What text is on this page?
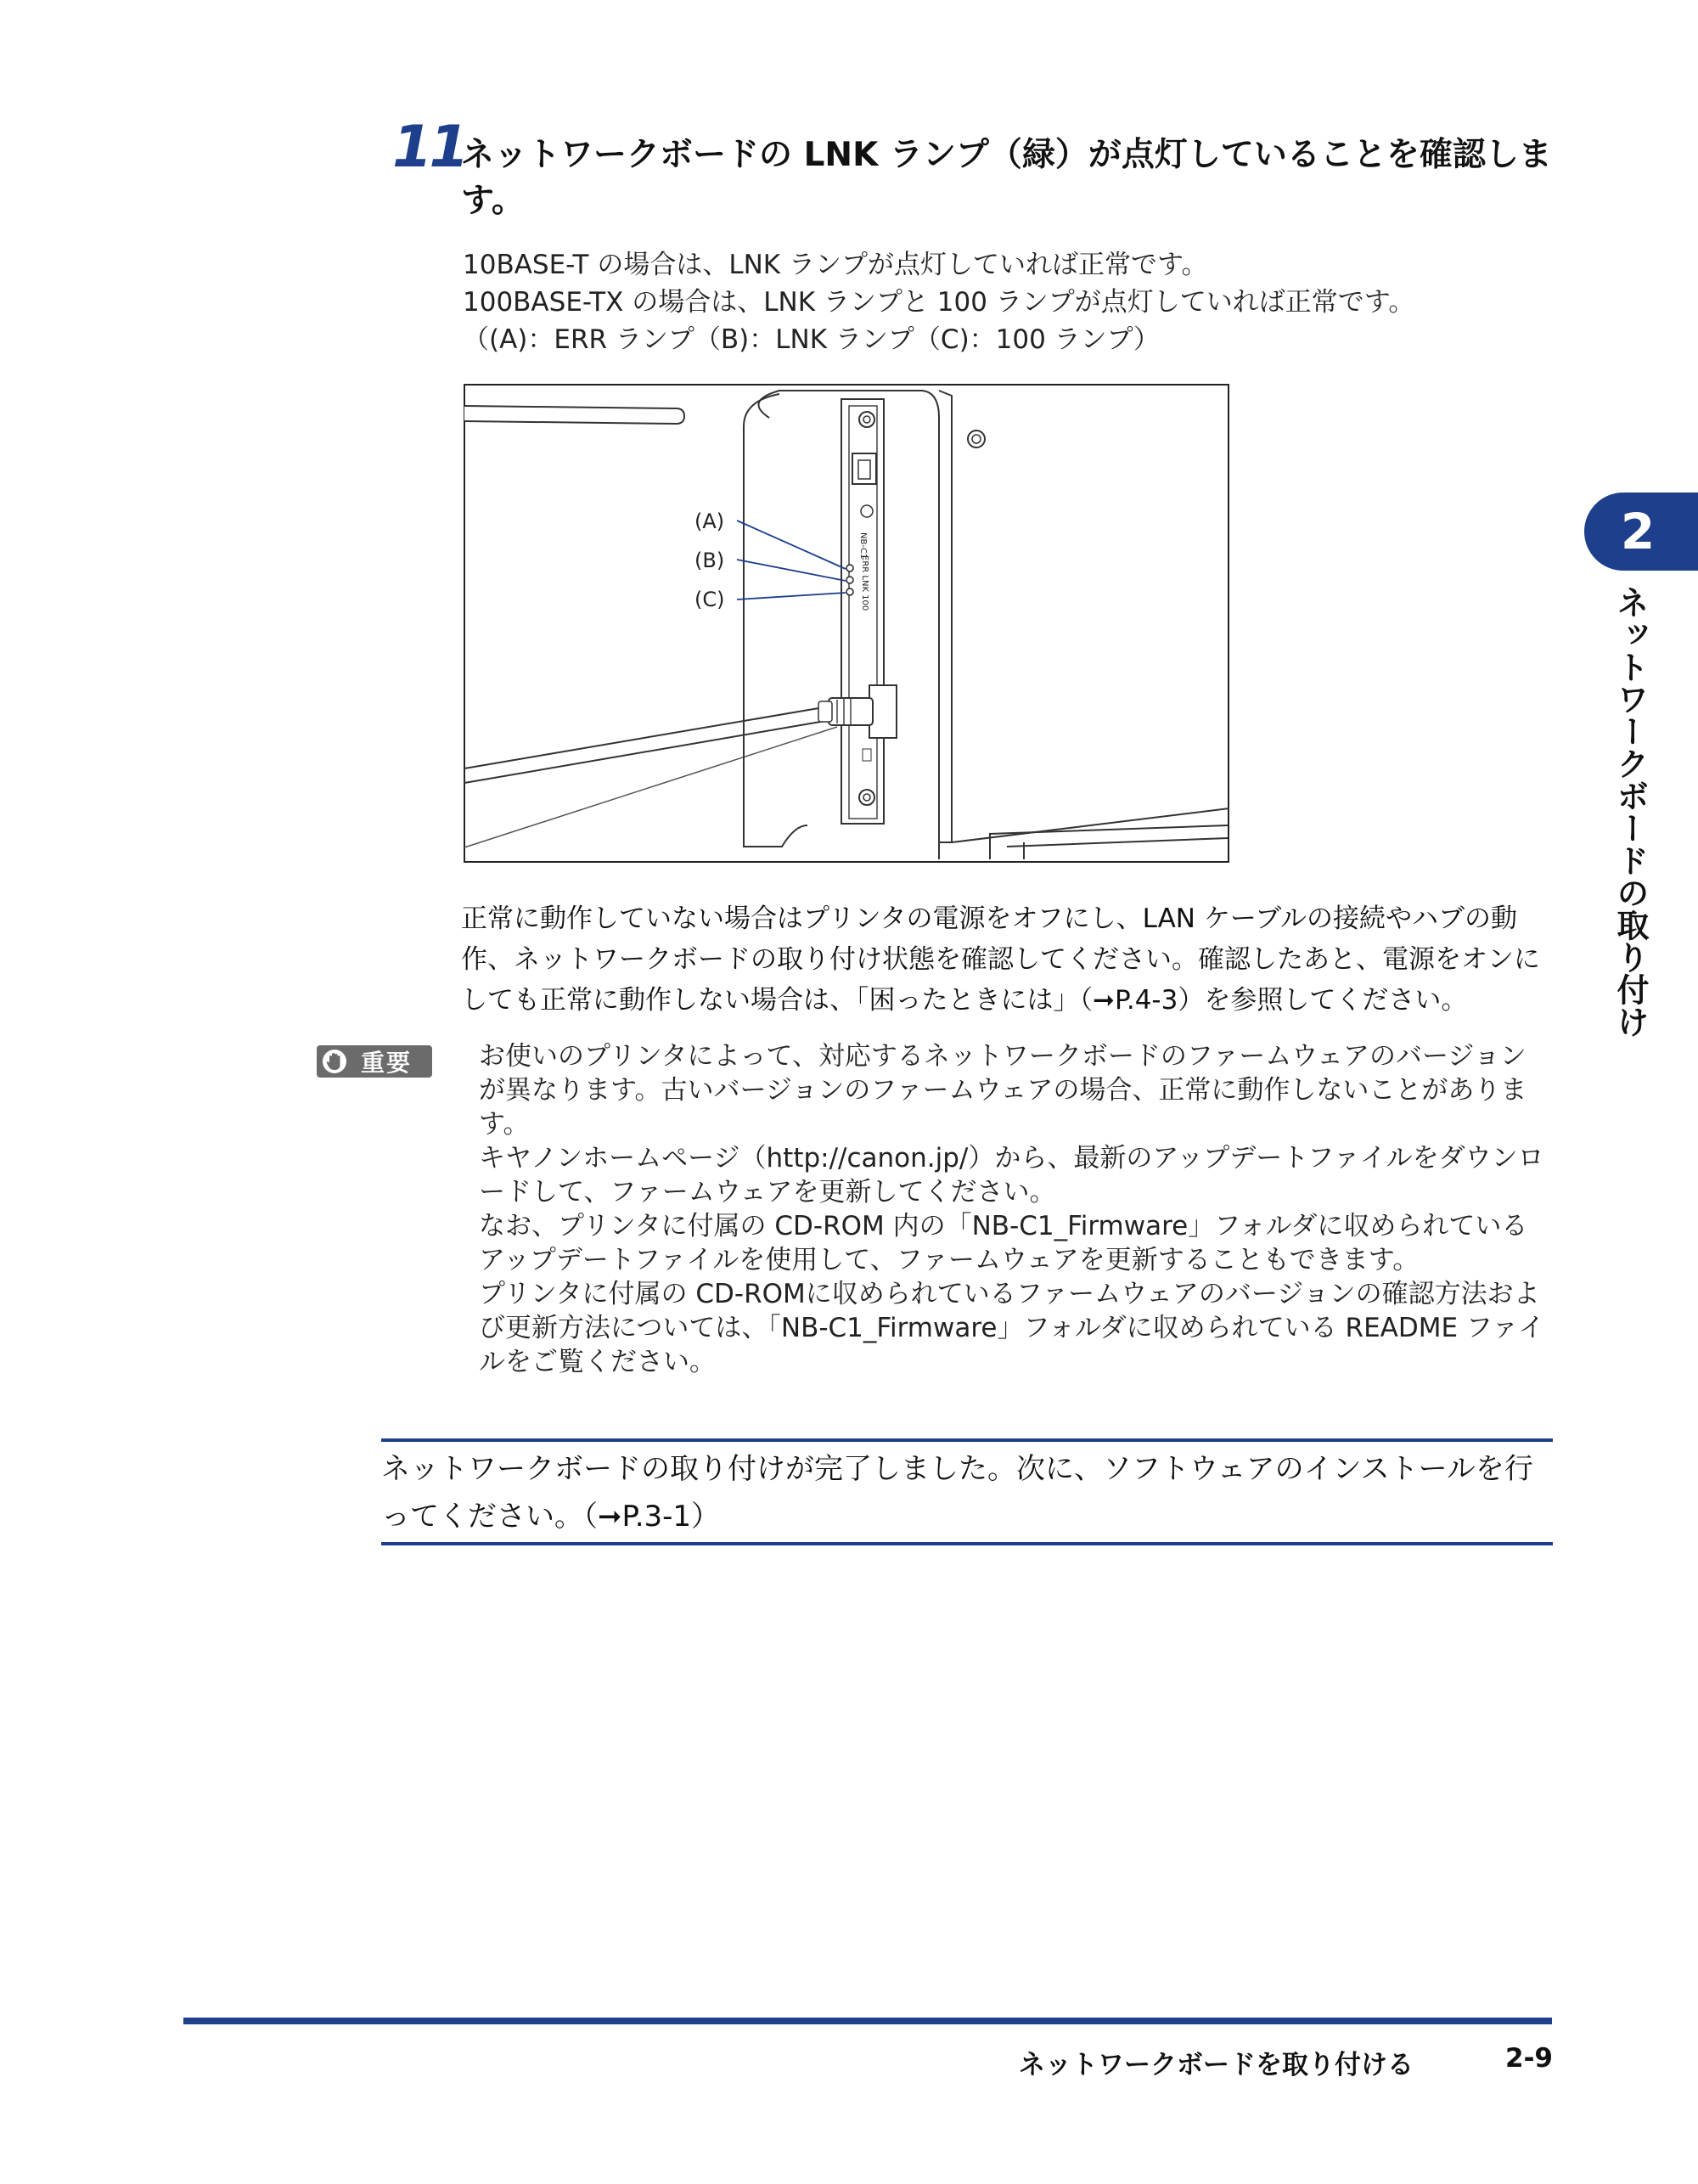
11
ネットワークボードの LNK ランプ（緑）が点灯していることを確認します。
10BASE-T の場合は、LNK ランプが点灯していれば正常です。
100BASE-TX の場合は、LNK ランプと 100 ランプが点灯していれば正常です。
（(A)：ERR ランプ（B)：LNK ランプ（C)：100 ランプ）
NB-C1
ERR LNK 100
(A)
(B)
(C)
正常に動作していない場合はプリンタの電源をオフにし、LAN ケーブルの接続やハブの動作、ネットワークボードの取り付け状態を確認してください。確認したあと、電源をオンにしても正常に動作しない場合は、「困ったときには」（➞P.4-3）を参照してください。
重要	お使いのプリンタによって、対応するネットワークボードのファームウェアのバージョンが異なります。古いバージョンのファームウェアの場合、正常に動作しないことがあります。

キヤノンホームページ（http://canon.jp/）から、最新のアップデートファイルをダウンロードして、ファームウェアを更新してください。

なお、プリンタに付属の CD-ROM 内の「NB-C1_Firmware」フォルダに収められているアップデートファイルを使用して、ファームウェアを更新することもできます。

プリンタに付属の CD-ROMに収められているファームウェアのバージョンの確認方法および更新方法については、「NB-C1_Firmware」フォルダに収められている README ファイルをご覧ください。

ネットワークボードの取り付けが完了しました。次に、ソフトウェアのインストールを行ってください。（➞P.3-1）
2
ネットワークボードの取り付け
ネットワークボードを取り付ける	2-9
